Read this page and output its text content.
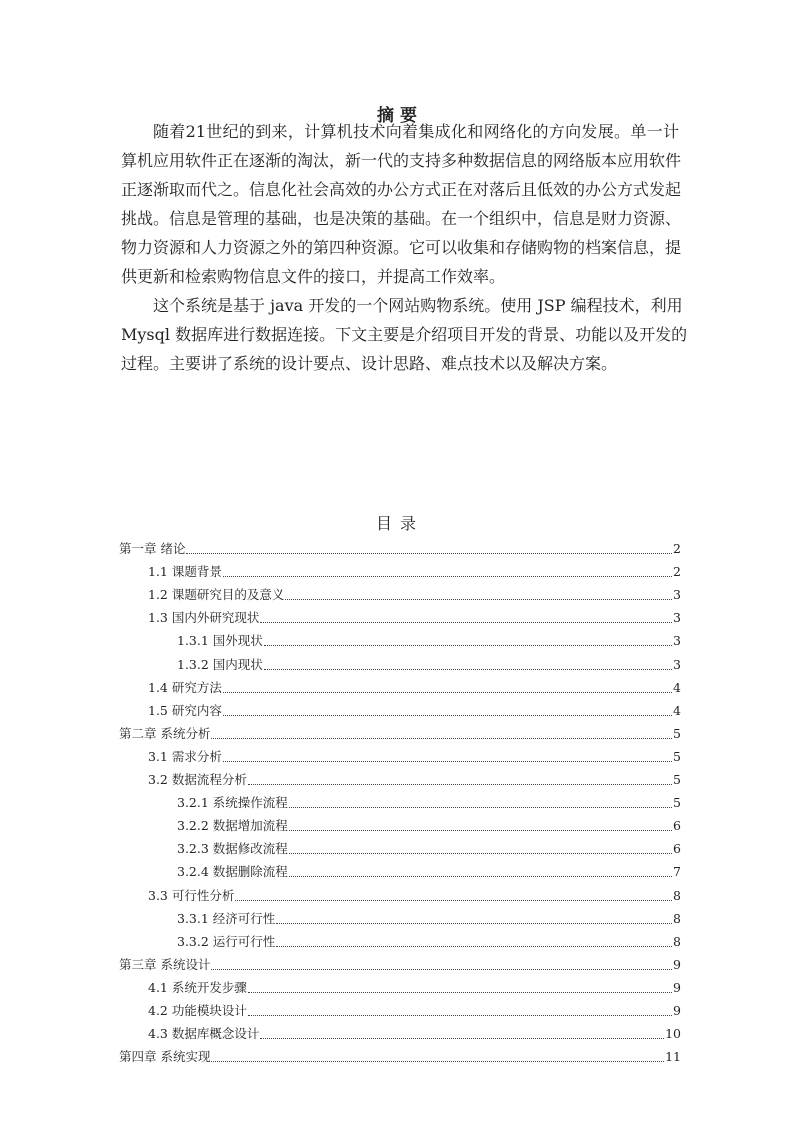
摘要
随着21世纪的到来，计算机技术向着集成化和网络化的方向发展。单一计
算机应用软件正在逐渐的淘汰，新一代的支持多种数据信息的网络版本应用软件
正逐渐取而代之。信息化社会高效的办公方式正在对落后且低效的办公方式发起
挑战。信息是管理的基础，也是决策的基础。在一个组织中，信息是财力资源、
物力资源和人力资源之外的第四种资源。它可以收集和存储购物的档案信息，提
供更新和检索购物信息文件的接口，并提高工作效率。
这个系统是基于 java 开发的一个网站购物系统。使用 JSP 编程技术，利用
Mysql 数据库进行数据连接。下文主要是介绍项目开发的背景、功能以及开发的
过程。主要讲了系统的设计要点、设计思路、难点技术以及解决方案。
目录
第一章 绪论	2
1.1 课题背景	2
1.2 课题研究目的及意义	3
1.3 国内外研究现状	3
1.3.1 国外现状	3
1.3.2 国内现状	3
1.4 研究方法	4
1.5 研究内容	4
第二章 系统分析	5
3.1 需求分析	5
3.2 数据流程分析	5
3.2.1 系统操作流程	5
3.2.2 数据增加流程	6
3.2.3 数据修改流程	6
3.2.4 数据删除流程	7
3.3 可行性分析	8
3.3.1 经济可行性	8
3.3.2 运行可行性	8
第三章 系统设计	9
4.1 系统开发步骤	9
4.2 功能模块设计	9
4.3 数据库概念设计	10
第四章 系统实现	11
